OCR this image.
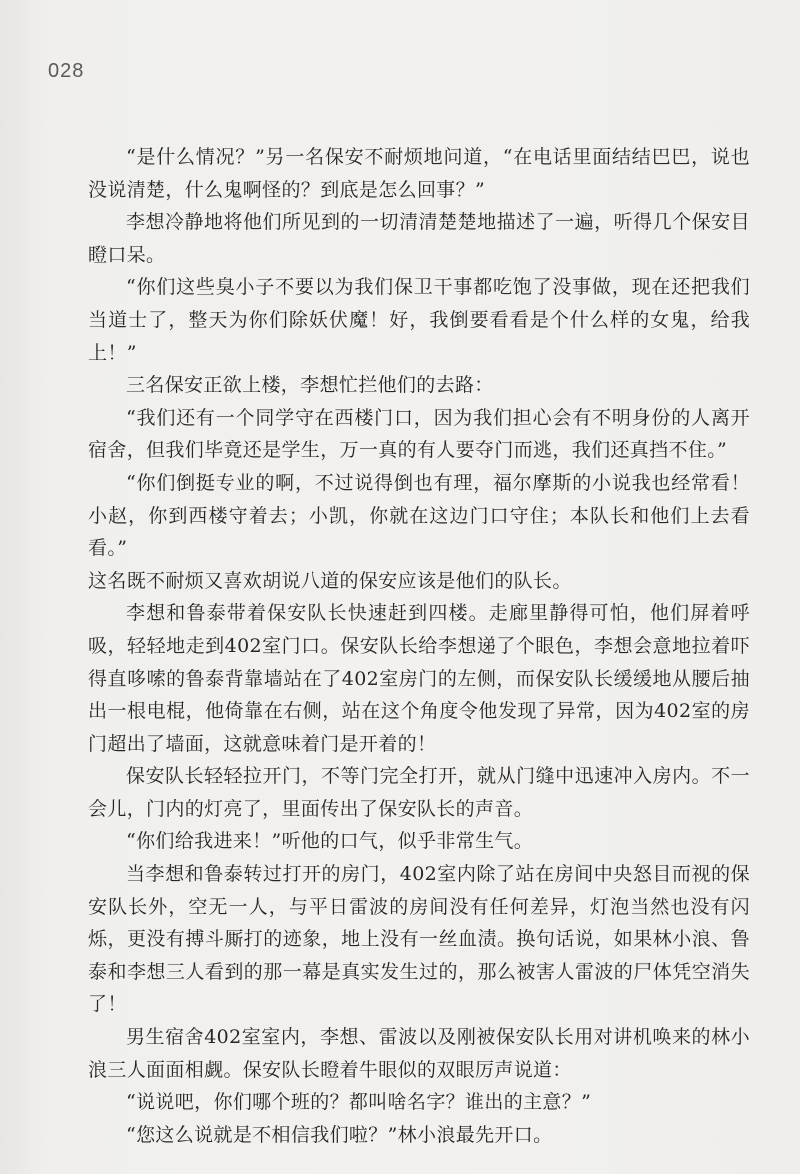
028

“是什么情况？”另一名保安不耐烦地问道，“在电话里面结结巴巴，说也没说清楚，什么鬼啊怪的？到底是怎么回事？”

李想冷静地将他们所见到的一切清清楚楚地描述了一遍，听得几个保安目瞪口呆。

“你们这些臭小子不要以为我们保卫干事都吃饱了没事做，现在还把我们当道士了，整天为你们除妖伏魔！好，我倒要看看是个什么样的女鬼，给我上！”

三名保安正欲上楼，李想忙拦他们的去路：

“我们还有一个同学守在西楼门口，因为我们担心会有不明身份的人离开宿舍，但我们毕竟还是学生，万一真的有人要夺门而逃，我们还真挡不住。”

“你们倒挺专业的啊，不过说得倒也有理，福尔摩斯的小说我也经常看！小赵，你到西楼守着去；小凯，你就在这边门口守住；本队长和他们上去看看。”

这名既不耐烦又喜欢胡说八道的保安应该是他们的队长。

李想和鲁泰带着保安队长快速赶到四楼。走廊里静得可怕，他们屏着呼吸，轻轻地走到402室门口。保安队长给李想递了个眼色，李想会意地拉着吓得直哆嗦的鲁泰背靠墙站在了402室房门的左侧，而保安队长缓缓地从腰后抽出一根电棍，他倚靠在右侧，站在这个角度令他发现了异常，因为402室的房门超出了墙面，这就意味着门是开着的！

保安队长轻轻拉开门，不等门完全打开，就从门缝中迅速冲入房内。不一会儿，门内的灯亮了，里面传出了保安队长的声音。

“你们给我进来！”听他的口气，似乎非常生气。

当李想和鲁泰转过打开的房门，402室内除了站在房间中央怒目而视的保安队长外，空无一人，与平日雷波的房间没有任何差异，灯泡当然也没有闪烁，更没有搏斗厮打的迹象，地上没有一丝血渍。换句话说，如果林小浪、鲁泰和李想三人看到的那一幕是真实发生过的，那么被害人雷波的尸体凭空消失了！

男生宿舍402室室内，李想、雷波以及刚被保安队长用对讲机唤来的林小浪三人面面相觑。保安队长瞪着牛眼似的双眼厉声说道：

“说说吧，你们哪个班的？都叫啥名字？谁出的主意？”

“您这么说就是不相信我们啦？”林小浪最先开口。
